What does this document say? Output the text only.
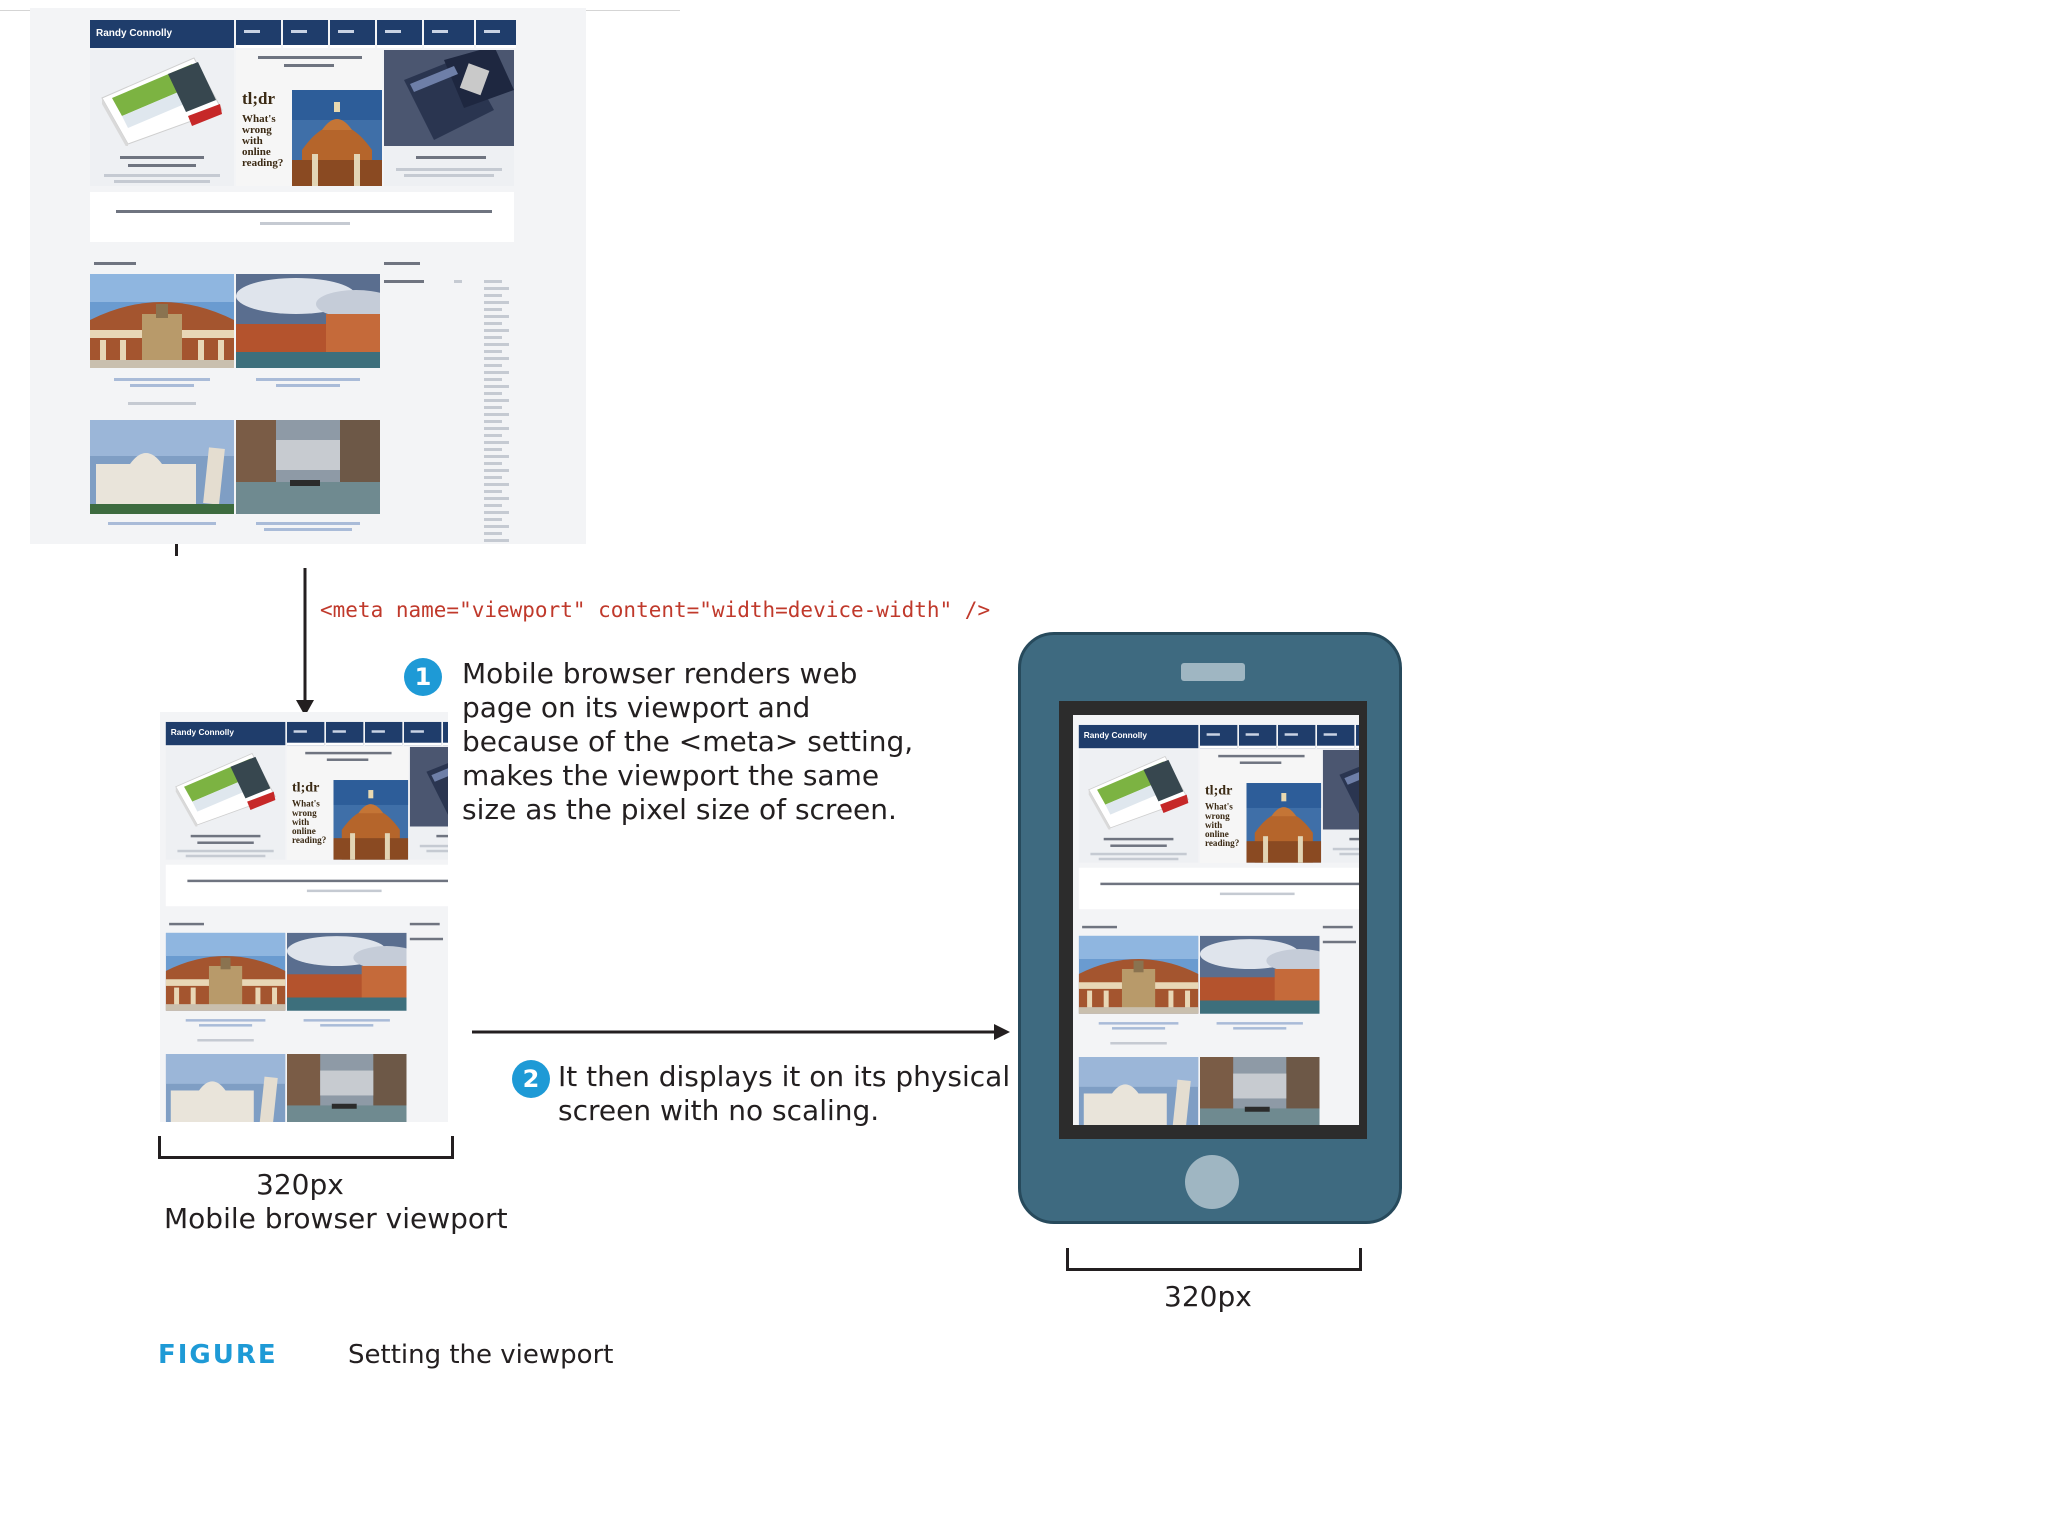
Randy Connolly
tl;dr
What's
wrong
with
online
reading?
<meta name="viewport" content="width=device-width" />
Randy Connolly
tl;dr
What's
wrong
with
online
reading?
1	Mobile browser renders web
page on its viewport and
because of the <meta> setting,
makes the viewport the same
size as the pixel size of screen.
2 It then displays it on its physical
screen with no scaling.
320px
Mobile browser viewport
Randy Connolly
tl;dr
What's
wrong
with
online
reading?
320px
FIGURE	Setting the viewport
